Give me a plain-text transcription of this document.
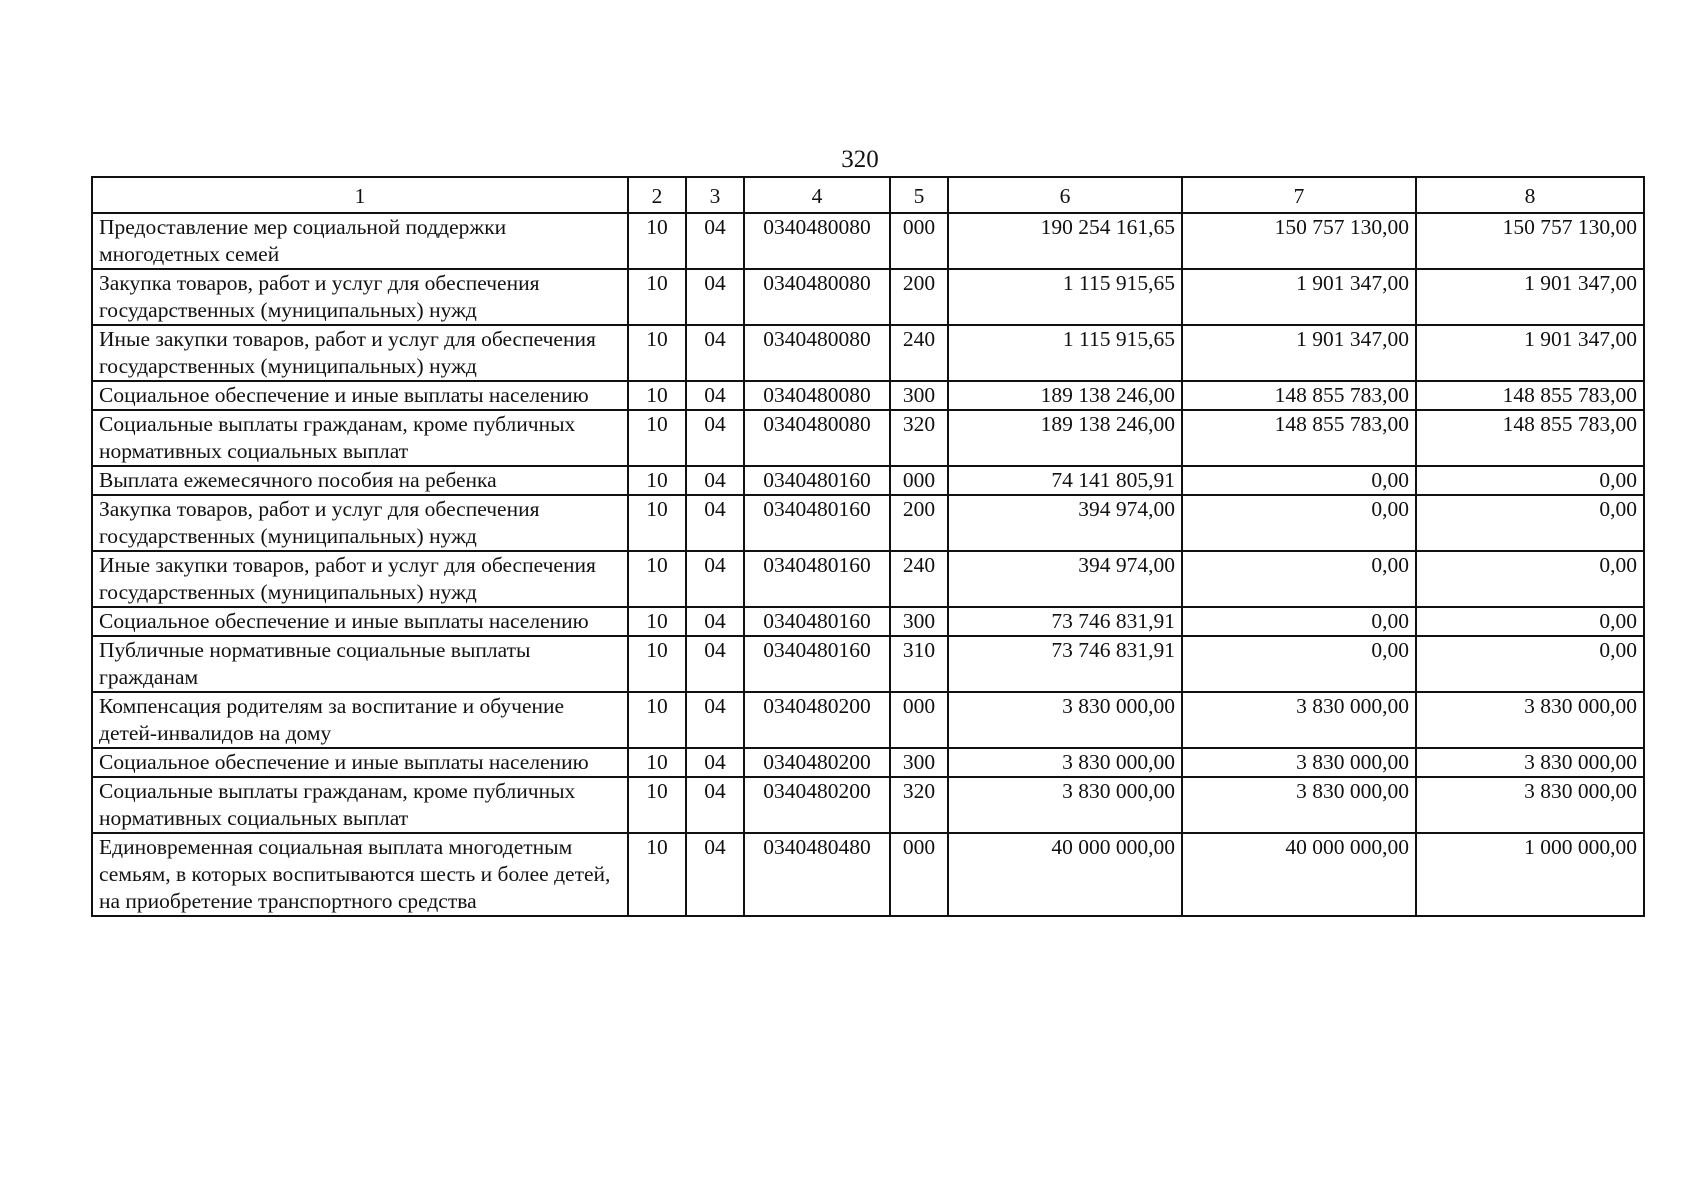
320
1	2	3	4	5	6	7	8
Предоставление мер социальной поддержки многодетных семей	10	04	0340480080	000	190 254 161,65	150 757 130,00	150 757 130,00
Закупка товаров, работ и услуг для обеспечения государственных (муниципальных) нужд	10	04	0340480080	200	1 115 915,65	1 901 347,00	1 901 347,00
Иные закупки товаров, работ и услуг для обеспечения государственных (муниципальных) нужд	10	04	0340480080	240	1 115 915,65	1 901 347,00	1 901 347,00
Социальное обеспечение и иные выплаты населению	10	04	0340480080	300	189 138 246,00	148 855 783,00	148 855 783,00
Социальные выплаты гражданам, кроме публичных нормативных социальных выплат	10	04	0340480080	320	189 138 246,00	148 855 783,00	148 855 783,00
Выплата ежемесячного пособия на ребенка	10	04	0340480160	000	74 141 805,91	0,00	0,00
Закупка товаров, работ и услуг для обеспечения государственных (муниципальных) нужд	10	04	0340480160	200	394 974,00	0,00	0,00
Иные закупки товаров, работ и услуг для обеспечения государственных (муниципальных) нужд	10	04	0340480160	240	394 974,00	0,00	0,00
Социальное обеспечение и иные выплаты населению	10	04	0340480160	300	73 746 831,91	0,00	0,00
Публичные нормативные социальные выплаты гражданам	10	04	0340480160	310	73 746 831,91	0,00	0,00
Компенсация родителям за воспитание и обучение детей-инвалидов на дому	10	04	0340480200	000	3 830 000,00	3 830 000,00	3 830 000,00
Социальное обеспечение и иные выплаты населению	10	04	0340480200	300	3 830 000,00	3 830 000,00	3 830 000,00
Социальные выплаты гражданам, кроме публичных нормативных социальных выплат	10	04	0340480200	320	3 830 000,00	3 830 000,00	3 830 000,00
Единовременная социальная выплата многодетным семьям, в которых воспитываются шесть и более детей, на приобретение транспортного средства	10	04	0340480480	000	40 000 000,00	40 000 000,00	1 000 000,00
